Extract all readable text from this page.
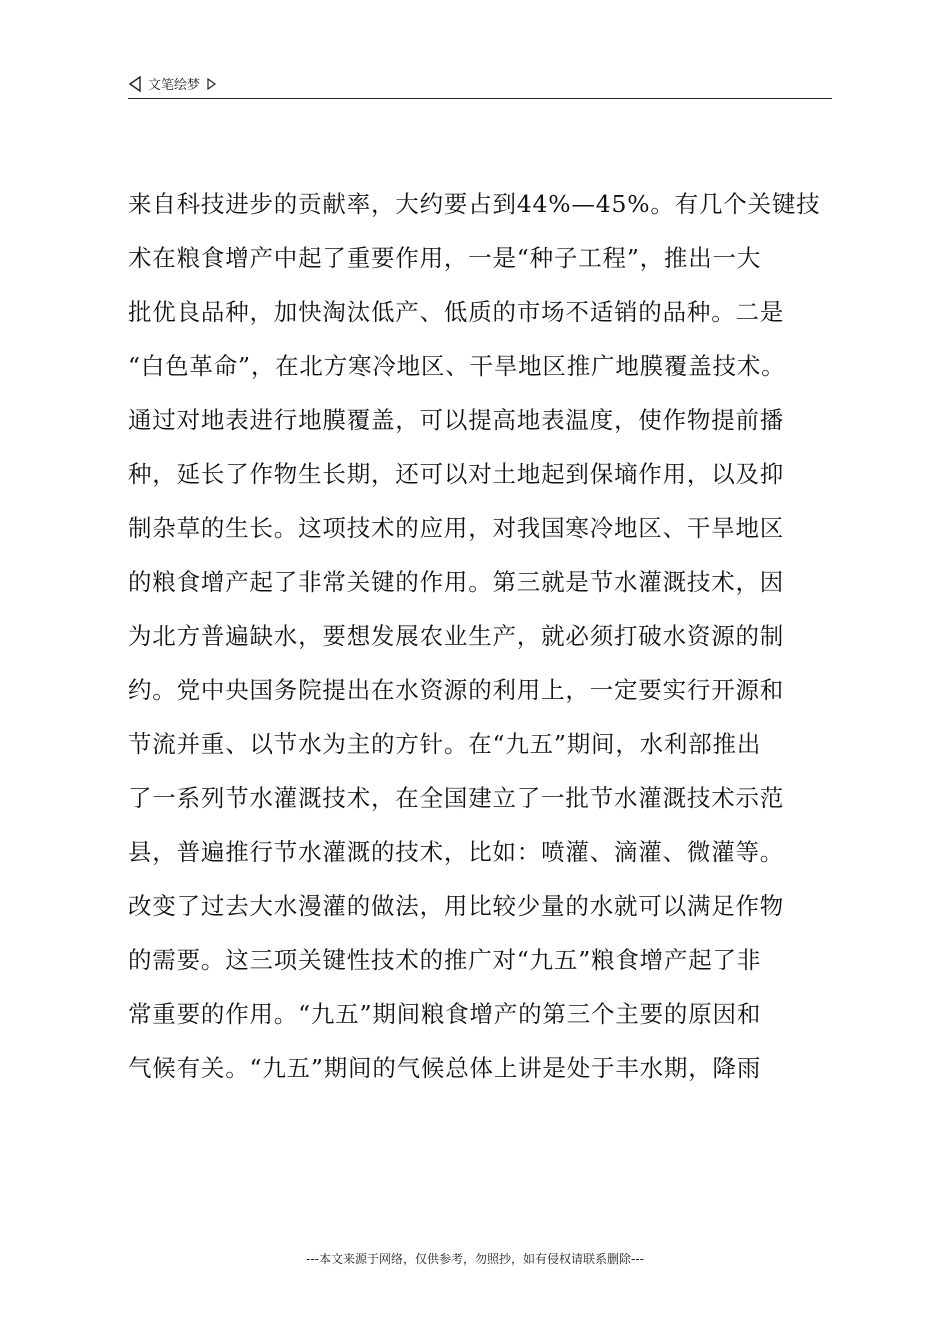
文笔绘梦
来自科技进步的贡献率，大约要占到44%—45%。有几个关键技
术在粮食增产中起了重要作用，一是“种子工程”，推出一大
批优良品种，加快淘汰低产、低质的市场不适销的品种。二是
“白色革命”，在北方寒冷地区、干旱地区推广地膜覆盖技术。
通过对地表进行地膜覆盖，可以提高地表温度，使作物提前播
种，延长了作物生长期，还可以对土地起到保墒作用，以及抑
制杂草的生长。这项技术的应用，对我国寒冷地区、干旱地区
的粮食增产起了非常关键的作用。第三就是节水灌溉技术，因
为北方普遍缺水，要想发展农业生产，就必须打破水资源的制
约。党中央国务院提出在水资源的利用上，一定要实行开源和
节流并重、以节水为主的方针。在“九五”期间，水利部推出
了一系列节水灌溉技术，在全国建立了一批节水灌溉技术示范
县，普遍推行节水灌溉的技术，比如：喷灌、滴灌、微灌等。
改变了过去大水漫灌的做法，用比较少量的水就可以满足作物
的需要。这三项关键性技术的推广对“九五”粮食增产起了非
常重要的作用。“九五”期间粮食增产的第三个主要的原因和
气候有关。“九五”期间的气候总体上讲是处于丰水期，降雨
---本文来源于网络，仅供参考，勿照抄，如有侵权请联系删除---
